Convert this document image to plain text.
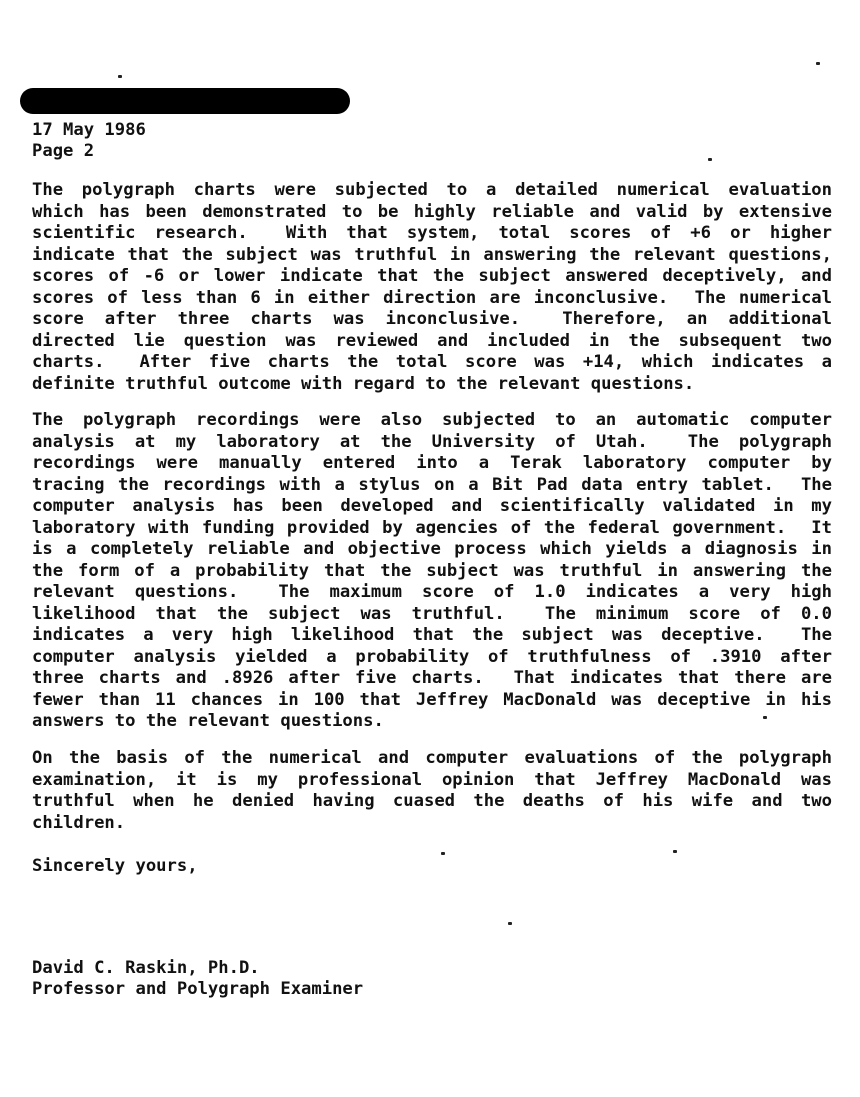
17 May 1986
Page 2
The polygraph charts were subjected to a detailed numerical evaluation
which has been demonstrated to be highly reliable and valid by extensive
scientific research.  With that system, total scores of +6 or higher
indicate that the subject was truthful in answering the relevant questions,
scores of -6 or lower indicate that the subject answered deceptively, and
scores of less than 6 in either direction are inconclusive.  The numerical
score after three charts was inconclusive.  Therefore, an additional
directed lie question was reviewed and included in the subsequent two
charts.  After five charts the total score was +14, which indicates a
definite truthful outcome with regard to the relevant questions.
The polygraph recordings were also subjected to an automatic computer
analysis at my laboratory at the University of Utah.  The polygraph
recordings were manually entered into a Terak laboratory computer by
tracing the recordings with a stylus on a Bit Pad data entry tablet.  The
computer analysis has been developed and scientifically validated in my
laboratory with funding provided by agencies of the federal government.  It
is a completely reliable and objective process which yields a diagnosis in
the form of a probability that the subject was truthful in answering the
relevant questions.  The maximum score of 1.0 indicates a very high
likelihood that the subject was truthful.  The minimum score of 0.0
indicates a very high likelihood that the subject was deceptive.  The
computer analysis yielded a probability of truthfulness of .3910 after
three charts and .8926 after five charts.  That indicates that there are
fewer than 11 chances in 100 that Jeffrey MacDonald was deceptive in his
answers to the relevant questions.
On the basis of the numerical and computer evaluations of the polygraph
examination, it is my professional opinion that Jeffrey MacDonald was
truthful when he denied having cuased the deaths of his wife and two
children.
Sincerely yours,
David C. Raskin, Ph.D.
Professor and Polygraph Examiner
